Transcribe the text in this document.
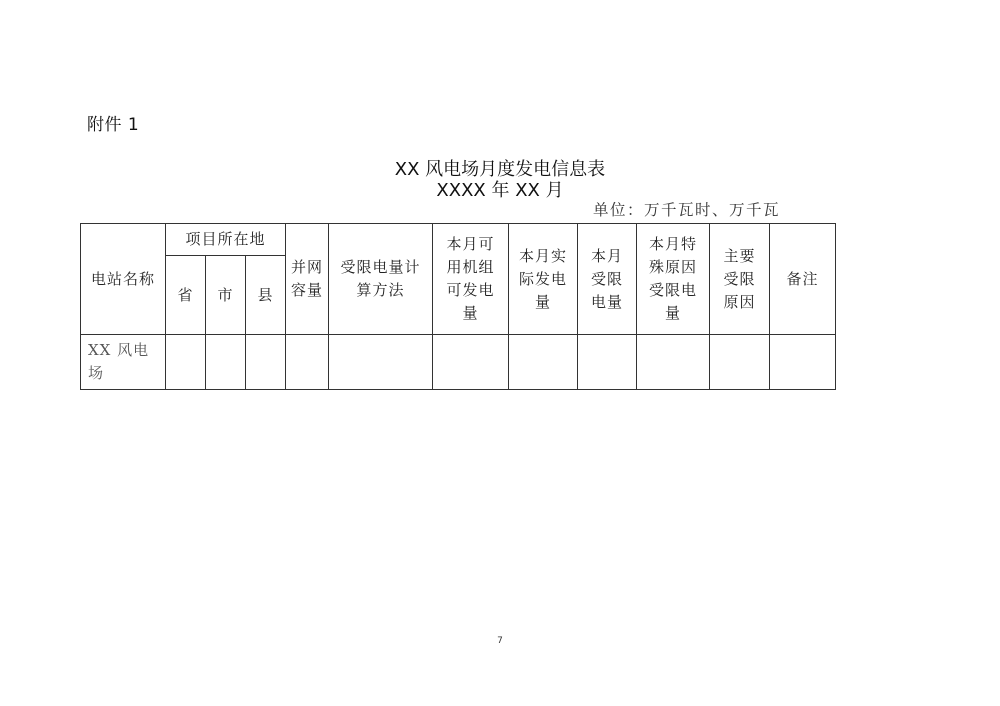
附件 1
XX 风电场月度发电信息表
XXXX 年 XX 月
单位：万千瓦时、万千瓦
电站名称	项目所在地			并网容量	受限电量计算方法	本月可用机组可发电量	本月实际发电量	本月受限电量	本月特殊原因受限电量	主要受限原因	备注
	省	市	县								
XX 风电场											
7
